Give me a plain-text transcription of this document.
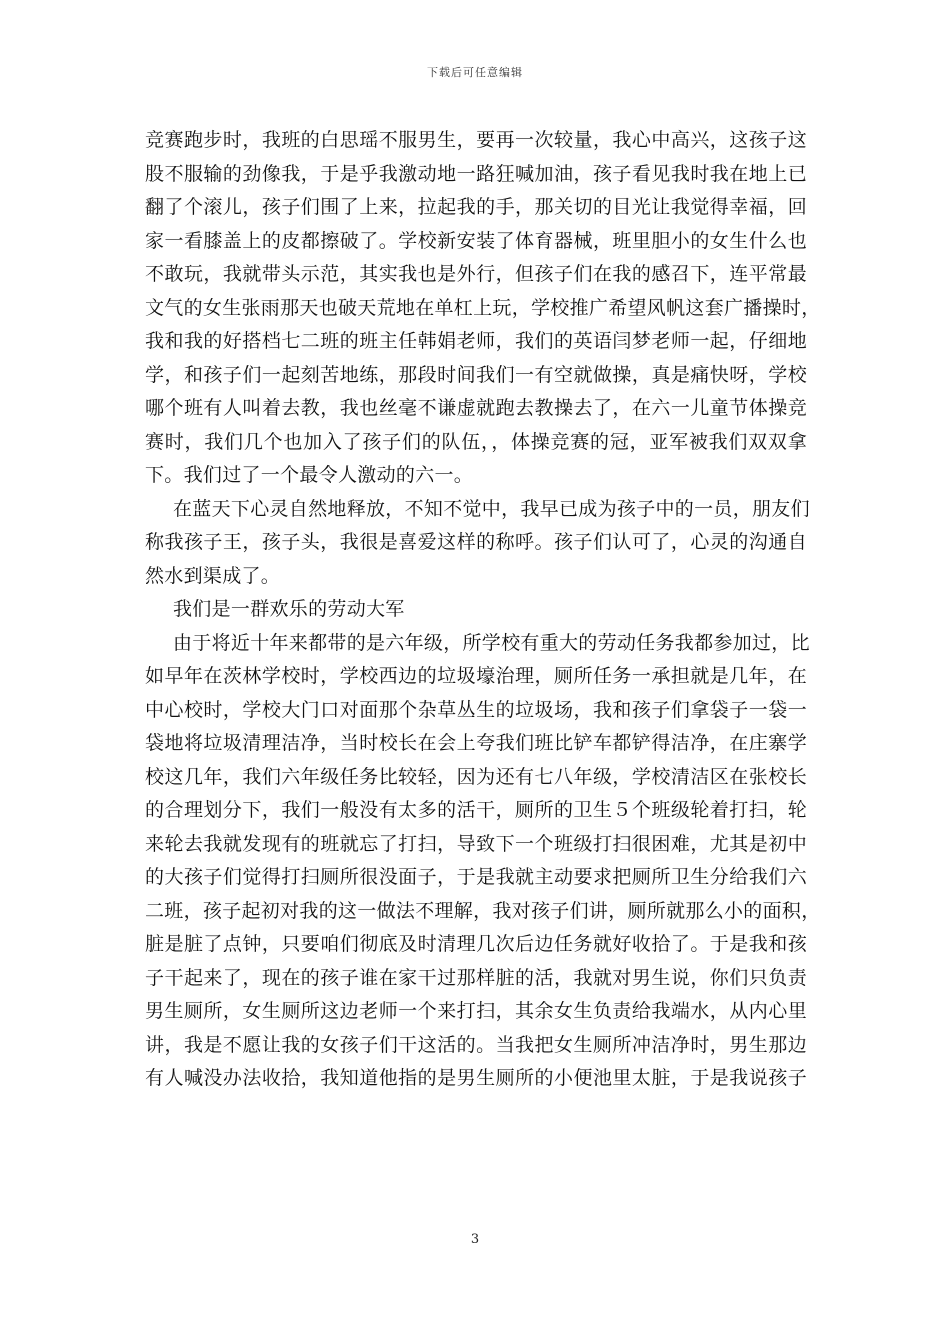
下载后可任意编辑
竞赛跑步时，我班的白思瑶不服男生，要再一次较量，我心中高兴，这孩子这
股不服输的劲像我，于是乎我激动地一路狂喊加油，孩子看见我时我在地上已
翻了个滚儿，孩子们围了上来，拉起我的手，那关切的目光让我觉得幸福，回
家一看膝盖上的皮都擦破了。学校新安装了体育器械，班里胆小的女生什么也
不敢玩，我就带头示范，其实我也是外行，但孩子们在我的感召下，连平常最
文气的女生张雨那天也破天荒地在单杠上玩，学校推广希望风帆这套广播操时，
我和我的好搭档七二班的班主任韩娟老师，我们的英语闫梦老师一起，仔细地
学，和孩子们一起刻苦地练，那段时间我们一有空就做操，真是痛快呀，学校
哪个班有人叫着去教，我也丝毫不谦虚就跑去教操去了，在六一儿童节体操竞
赛时，我们几个也加入了孩子们的队伍，，体操竞赛的冠，亚军被我们双双拿
下。我们过了一个最令人激动的六一。
在蓝天下心灵自然地释放，不知不觉中，我早已成为孩子中的一员，朋友们
称我孩子王，孩子头，我很是喜爱这样的称呼。孩子们认可了，心灵的沟通自
然水到渠成了。
我们是一群欢乐的劳动大军
由于将近十年来都带的是六年级，所学校有重大的劳动任务我都参加过，比
如早年在茨林学校时，学校西边的垃圾壕治理，厕所任务一承担就是几年，在
中心校时，学校大门口对面那个杂草丛生的垃圾场，我和孩子们拿袋子一袋一
袋地将垃圾清理洁净，当时校长在会上夸我们班比铲车都铲得洁净，在庄寨学
校这几年，我们六年级任务比较轻，因为还有七八年级，学校清洁区在张校长
的合理划分下，我们一般没有太多的活干，厕所的卫生５个班级轮着打扫，轮
来轮去我就发现有的班就忘了打扫，导致下一个班级打扫很困难，尤其是初中
的大孩子们觉得打扫厕所很没面子，于是我就主动要求把厕所卫生分给我们六
二班，孩子起初对我的这一做法不理解，我对孩子们讲，厕所就那么小的面积，
脏是脏了点钟，只要咱们彻底及时清理几次后边任务就好收拾了。于是我和孩
子干起来了，现在的孩子谁在家干过那样脏的活，我就对男生说，你们只负责
男生厕所，女生厕所这边老师一个来打扫，其余女生负责给我端水，从内心里
讲，我是不愿让我的女孩子们干这活的。当我把女生厕所冲洁净时，男生那边
有人喊没办法收拾，我知道他指的是男生厕所的小便池里太脏，于是我说孩子
3
